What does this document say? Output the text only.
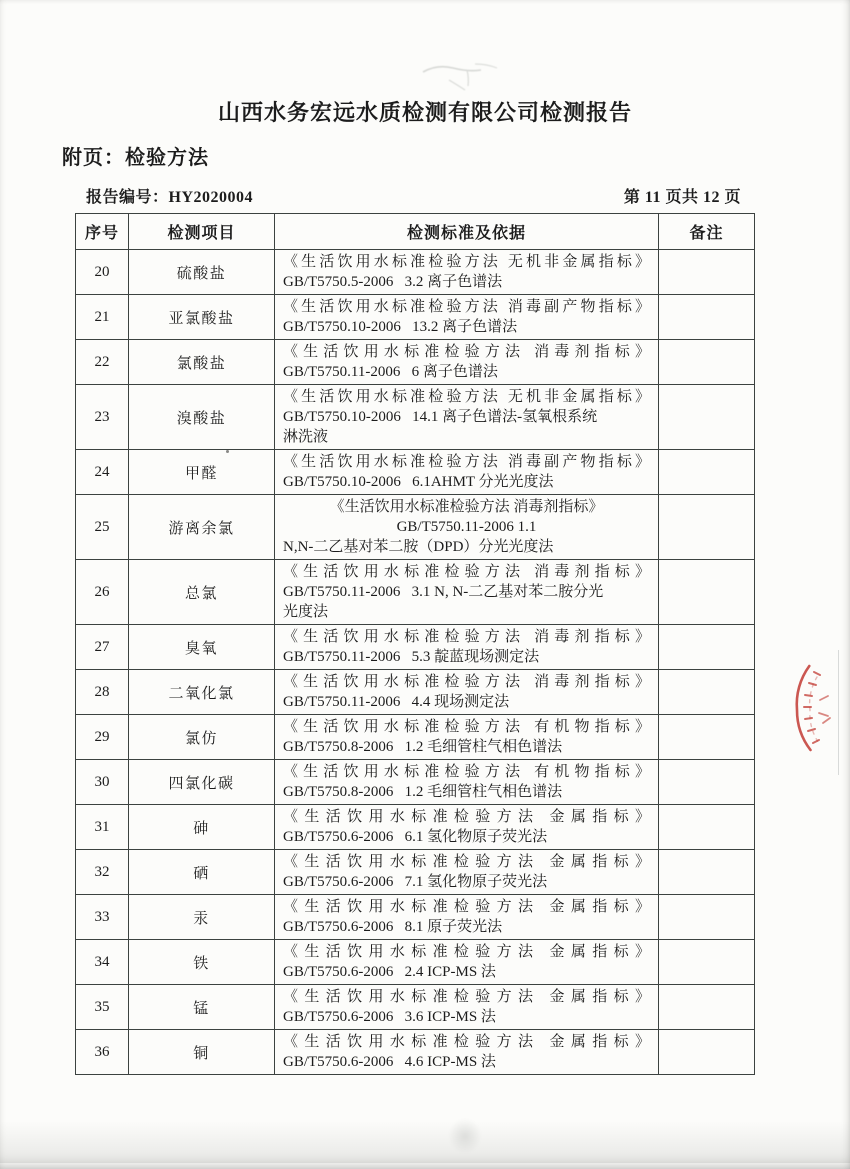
山西水务宏远水质检测有限公司检测报告
附页：检验方法
报告编号：HY2020004	第 11 页共 12 页
序号	检测项目	检测标准及依据	备注
20	硫酸盐	《生活饮用水标准检验方法 无机非金属指标》
GB/T5750.5-2006   3.2 离子色谱法	

21	亚氯酸盐	《生活饮用水标准检验方法 消毒副产物指标》
GB/T5750.10-2006   13.2 离子色谱法	

22	氯酸盐	《生活饮用水标准检验方法 消毒剂指标》
GB/T5750.11-2006   6 离子色谱法	

23	溴酸盐	《生活饮用水标准检验方法 无机非金属指标》
GB/T5750.10-2006   14.1 离子色谱法-氢氧根系统
淋洗液	

24	甲醛	《生活饮用水标准检验方法 消毒副产物指标》
GB/T5750.10-2006   6.1AHMT 分光光度法	

25	游离余氯	《生活饮用水标准检验方法 消毒剂指标》
GB/T5750.11-2006 1.1
N,N-二乙基对苯二胺（DPD）分光光度法	

26	总氯	《生活饮用水标准检验方法 消毒剂指标》
GB/T5750.11-2006   3.1 N, N-二乙基对苯二胺分光
光度法	

27	臭氧	《生活饮用水标准检验方法 消毒剂指标》
GB/T5750.11-2006   5.3 靛蓝现场测定法	

28	二氧化氯	《生活饮用水标准检验方法 消毒剂指标》
GB/T5750.11-2006   4.4 现场测定法	

29	氯仿	《生活饮用水标准检验方法 有机物指标》
GB/T5750.8-2006   1.2 毛细管柱气相色谱法	

30	四氯化碳	《生活饮用水标准检验方法 有机物指标》
GB/T5750.8-2006   1.2 毛细管柱气相色谱法	

31	砷	《生活饮用水标准检验方法 金属指标》
GB/T5750.6-2006   6.1 氢化物原子荧光法	

32	硒	《生活饮用水标准检验方法 金属指标》
GB/T5750.6-2006   7.1 氢化物原子荧光法	

33	汞	《生活饮用水标准检验方法 金属指标》
GB/T5750.6-2006   8.1 原子荧光法	

34	铁	《生活饮用水标准检验方法 金属指标》
GB/T5750.6-2006   2.4 ICP-MS 法	

35	锰	《生活饮用水标准检验方法 金属指标》
GB/T5750.6-2006   3.6 ICP-MS 法	

36	铜	《生活饮用水标准检验方法 金属指标》
GB/T5750.6-2006   4.6 ICP-MS 法	
